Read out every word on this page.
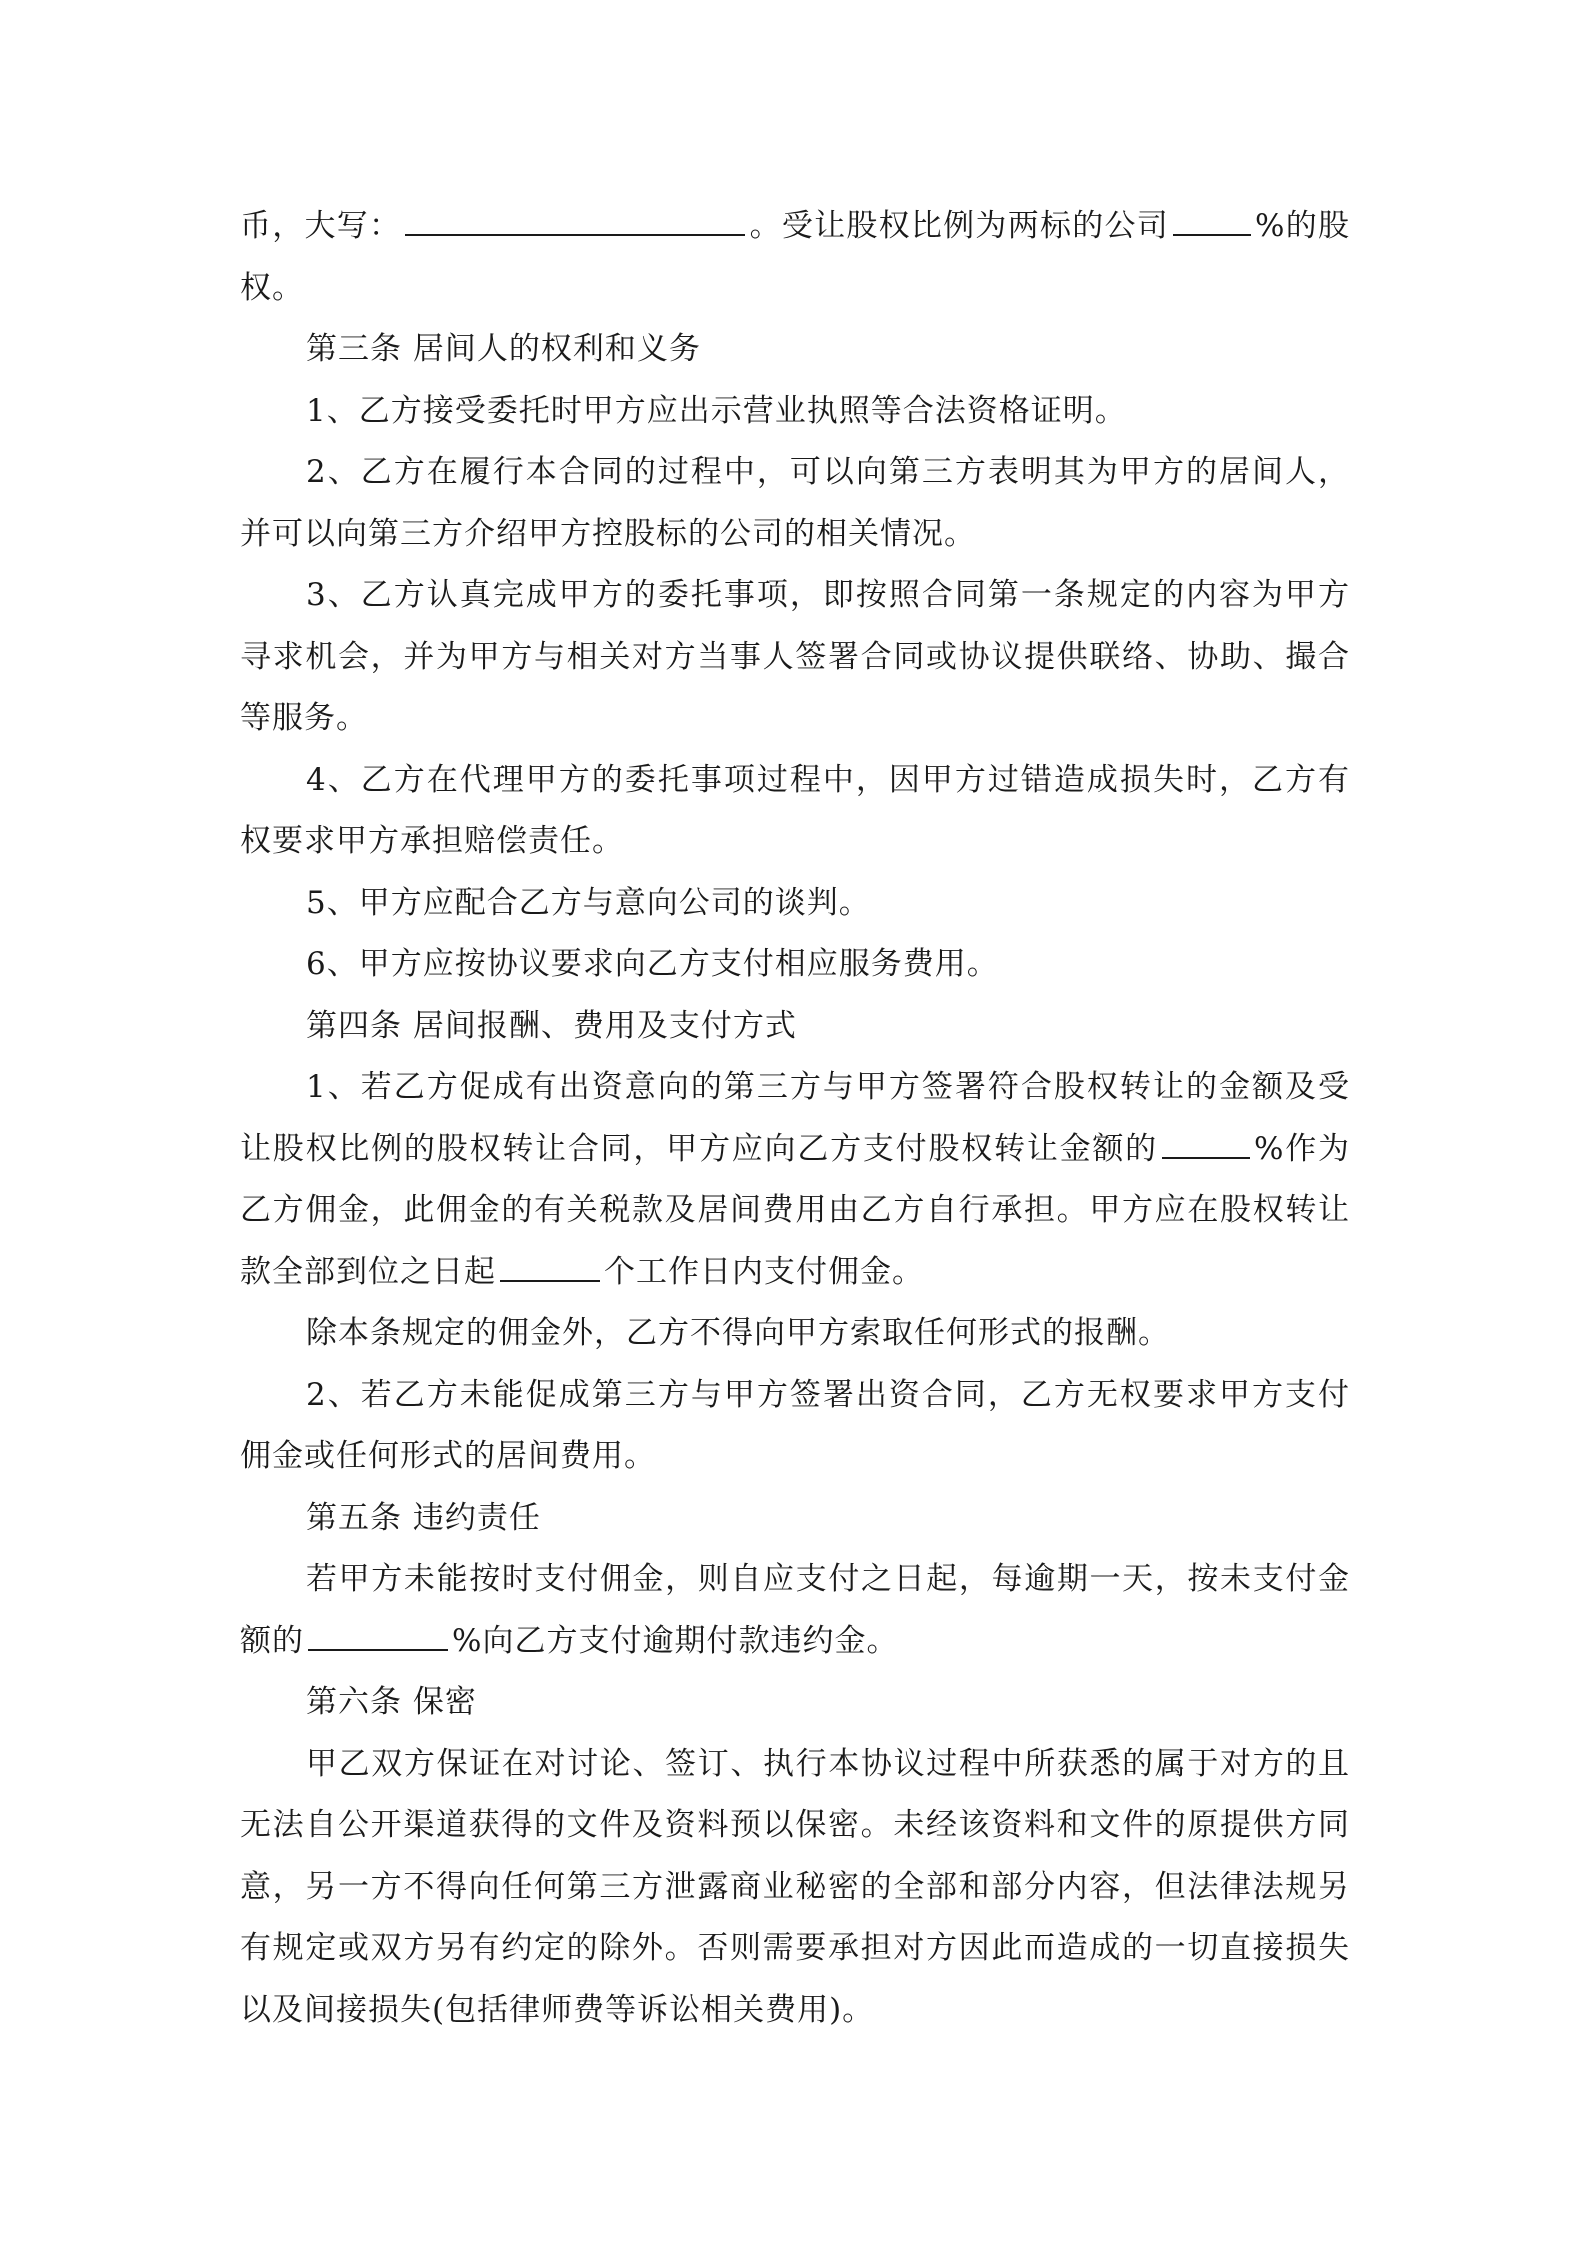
币，大写：	。受让股权比例为两标的公司	%的股权。

第三条 居间人的权利和义务

1、乙方接受委托时甲方应出示营业执照等合法资格证明。

2、乙方在履行本合同的过程中，可以向第三方表明其为甲方的居间人，并可以向第三方介绍甲方控股标的公司的相关情况。

3、乙方认真完成甲方的委托事项，即按照合同第一条规定的内容为甲方寻求机会，并为甲方与相关对方当事人签署合同或协议提供联络、协助、撮合等服务。

4、乙方在代理甲方的委托事项过程中，因甲方过错造成损失时，乙方有权要求甲方承担赔偿责任。

5、甲方应配合乙方与意向公司的谈判。

6、甲方应按协议要求向乙方支付相应服务费用。

第四条 居间报酬、费用及支付方式

1、若乙方促成有出资意向的第三方与甲方签署符合股权转让的金额及受让股权比例的股权转让合同，甲方应向乙方支付股权转让金额的	%作为乙方佣金，此佣金的有关税款及居间费用由乙方自行承担。甲方应在股权转让款全部到位之日起	个工作日内支付佣金。

除本条规定的佣金外，乙方不得向甲方索取任何形式的报酬。

2、若乙方未能促成第三方与甲方签署出资合同，乙方无权要求甲方支付佣金或任何形式的居间费用。

第五条 违约责任

若甲方未能按时支付佣金，则自应支付之日起，每逾期一天，按未支付金额的	%向乙方支付逾期付款违约金。

第六条 保密

甲乙双方保证在对讨论、签订、执行本协议过程中所获悉的属于对方的且无法自公开渠道获得的文件及资料预以保密。未经该资料和文件的原提供方同意，另一方不得向任何第三方泄露商业秘密的全部和部分内容，但法律法规另有规定或双方另有约定的除外。否则需要承担对方因此而造成的一切直接损失以及间接损失(包括律师费等诉讼相关费用)。
